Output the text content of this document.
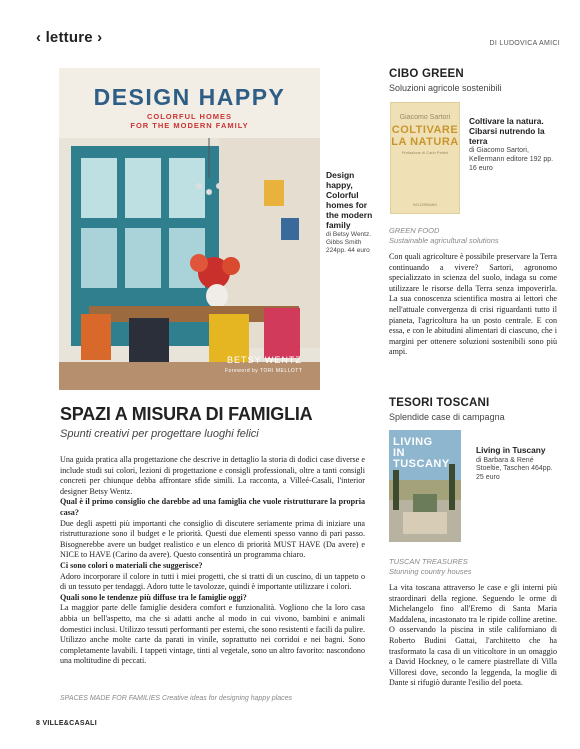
‹ letture ›	DI LUDOVICA AMICI
DESIGN HAPPY
COLORFUL HOMES
FOR THE MODERN FAMILY
BETSY WENTZ
Foreword by TORI MELLOTT
Design happy, Colorful homes for the modern family
di Betsy Wentz. Gibbs Smith 224pp. 44 euro
SPAZI A MISURA DI FAMIGLIA
Spunti creativi per progettare luoghi felici

Una guida pratica alla progettazione che descrive in dettaglio la storia di dodici case diverse e include studi sui colori, lezioni di progettazione e consigli professionali, oltre a tanti consigli concreti per chiunque debba affrontare sfide simili. La racconta, a Villeé-Casali, l'interior designer Betsy Wentz.

Qual è il primo consiglio che darebbe ad una famiglia che vuole ristrutturare la propria casa?

Due degli aspetti più importanti che consiglio di discutere seriamente prima di iniziare una ristrutturazione sono il budget e le priorità. Questi due elementi spesso vanno di pari passo. Bisognerebbe avere un budget realistico e un elenco di priorità MUST HAVE (Da avere) e NICE to HAVE (Carino da avere). Questo consentirà un programma chiaro.

Ci sono colori o materiali che suggerisce?

Adoro incorporare il colore in tutti i miei progetti, che si tratti di un cuscino, di un tappeto o di un tessuto per tendaggi. Adoro tutte le tavolozze, quindi è importante utilizzare i colori.

Quali sono le tendenze più diffuse tra le famiglie oggi?

La maggior parte delle famiglie desidera comfort e funzionalità. Vogliono che la loro casa abbia un bell'aspetto, ma che si adatti anche al modo in cui vivono, bambini e animali domestici inclusi. Utilizzo tessuti performanti per esterni, che sono resistenti e facili da pulire. Utilizzo anche molte carte da parati in vinile, soprattutto nei corridoi e nei bagni. Sono completamente lavabili. I tappeti vintage, tinti al vegetale, sono un altro favorito: nascondono una moltitudine di peccati.

SPACES MADE FOR FAMILIES Creative ideas for designing happy places
CIBO GREEN
Soluzioni agricole sostenibili
Giacomo Sartori
COLTIVARE
LA NATURA
Prefazione di Carlo Petrini
KELLERMANN
Coltivare la natura. Cibarsi nutrendo la terra
di Giacomo Sartori, Kellermann editore 192 pp. 16 euro
GREEN FOOD
Sustainable agricultural solutions

Con quali agricolture è possibile preservare la Terra continuando a vivere? Sartori, agronomo specializzato in scienza del suolo, indaga su come utilizzare le risorse della Terra senza impoverirla. La sua conoscenza scientifica mostra ai lettori che nell'attuale convergenza di crisi riguardanti tutto il pianeta, l'agricoltura ha un posto centrale. E con essa, e con le abitudini alimentari di ciascuno, che i margini per ottenere soluzioni sostenibili sono più ampi.

TESORI TOSCANI
Splendide case di campagna
LIVING
IN TUSCANY
Living in Tuscany
di Barbara & René Stoeltie, Taschen 464pp. 25 euro
TUSCAN TREASURES
Stunning country houses

La vita toscana attraverso le case e gli interni più straordinari della regione. Seguendo le orme di Michelangelo fino all'Eremo di Santa Maria Maddalena, incastonato tra le ripide colline aretine. O osservando la piscina in stile californiano di Roberto Budini Gattai, l'architetto che ha trasformato la casa di un viticoltore in un omaggio a David Hockney, o le camere piastrellate di Villa Villoresi dove, secondo la leggenda, la moglie di Dante si rifugiò durante l'esilio del poeta.

8 VILLE&CASALI
